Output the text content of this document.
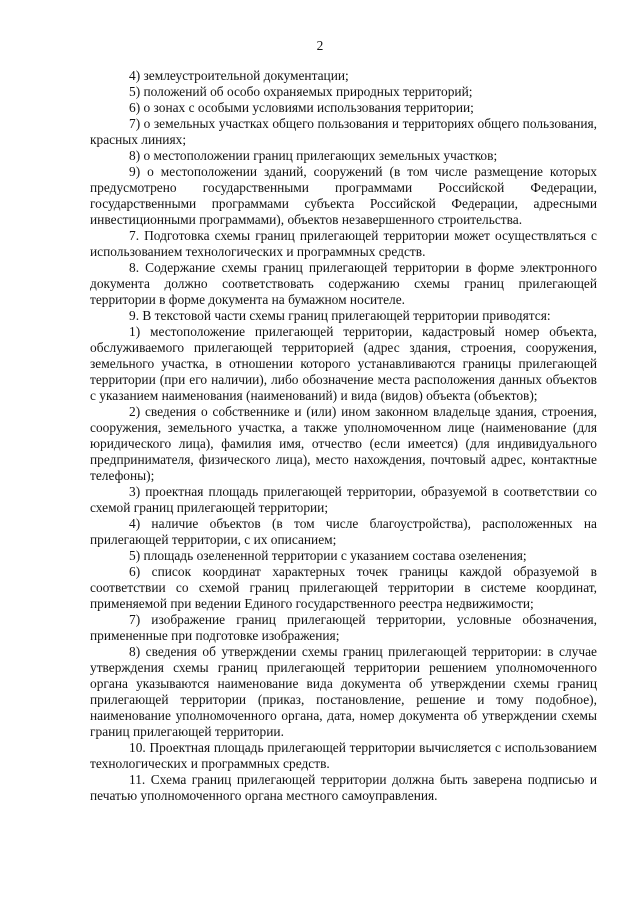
2

4) землеустроительной документации;

5) положений об особо охраняемых природных территорий;

6) о зонах с особыми условиями использования территории;

7) о земельных участках общего пользования и территориях общего пользования, красных линиях;

8) о местоположении границ прилегающих земельных участков;

9) о местоположении зданий, сооружений (в том числе размещение которых предусмотрено государственными программами Российской Федерации, государственными программами субъекта Российской Федерации, адресными инвестиционными программами), объектов незавершенного строительства.

7. Подготовка схемы границ прилегающей территории может осуществляться с использованием технологических и программных средств.

8. Содержание схемы границ прилегающей территории в форме электронного документа должно соответствовать содержанию схемы границ прилегающей территории в форме документа на бумажном носителе.

9. В текстовой части схемы границ прилегающей территории приводятся:

1) местоположение прилегающей территории, кадастровый номер объекта, обслуживаемого прилегающей территорией (адрес здания, строения, сооружения, земельного участка, в отношении которого устанавливаются границы прилегающей территории (при его наличии), либо обозначение места расположения данных объектов с указанием наименования (наименований) и вида (видов) объекта (объектов);

2) сведения о собственнике и (или) ином законном владельце здания, строения, сооружения, земельного участка, а также уполномоченном лице (наименование (для юридического лица), фамилия имя, отчество (если имеется) (для индивидуального предпринимателя, физического лица), место нахождения, почтовый адрес, контактные телефоны);

3) проектная площадь прилегающей территории, образуемой в соответствии со схемой границ прилегающей территории;

4) наличие объектов (в том числе благоустройства), расположенных на прилегающей территории, с их описанием;

5) площадь озелененной территории с указанием состава озеленения;

6) список координат характерных точек границы каждой образуемой в соответствии со схемой границ прилегающей территории в системе координат, применяемой при ведении Единого государственного реестра недвижимости;

7) изображение границ прилегающей территории, условные обозначения, примененные при подготовке изображения;

8) сведения об утверждении схемы границ прилегающей территории: в случае утверждения схемы границ прилегающей территории решением уполномоченного органа указываются наименование вида документа об утверждении схемы границ прилегающей территории (приказ, постановление, решение и тому подобное), наименование уполномоченного органа, дата, номер документа об утверждении схемы границ прилегающей территории.

10. Проектная площадь прилегающей территории вычисляется с использованием технологических и программных средств.

11. Схема границ прилегающей территории должна быть заверена подписью и печатью уполномоченного органа местного самоуправления.
